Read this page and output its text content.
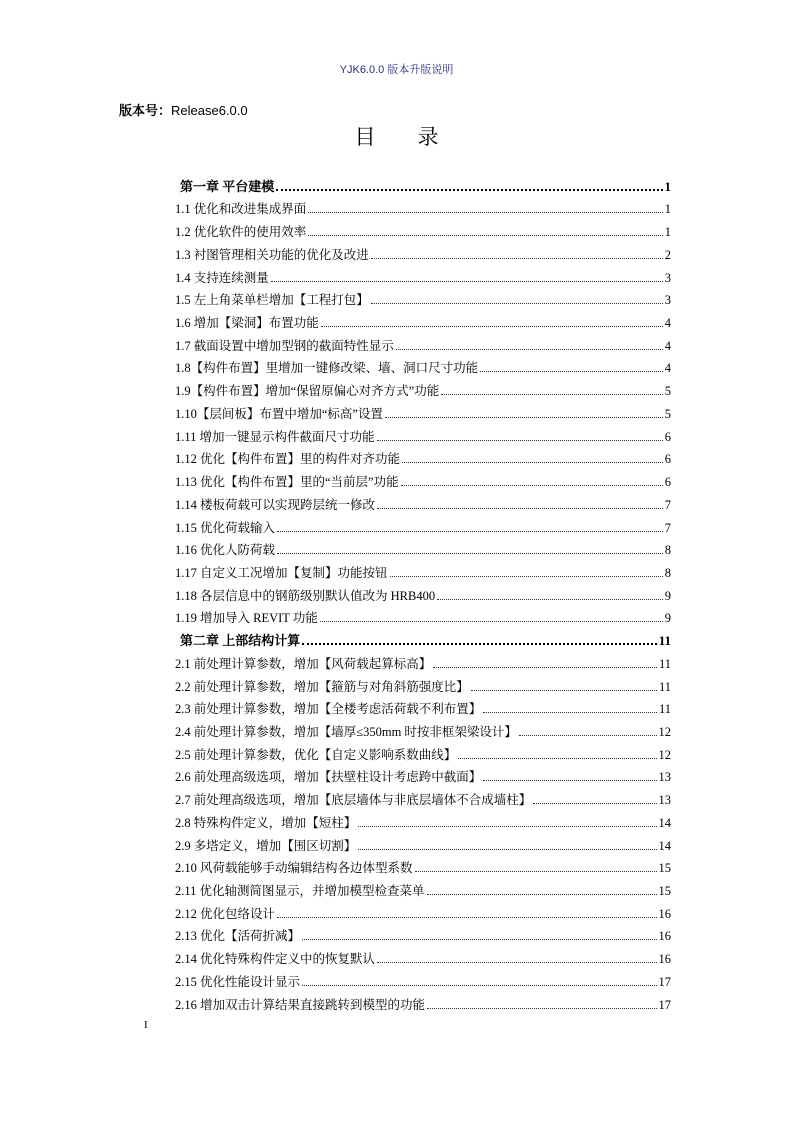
YJK6.0.0 版本升版说明
版本号：Release6.0.0
目　　录
第一章 平台建模	1
1.1 优化和改进集成界面	1
1.2 优化软件的使用效率	1
1.3 衬图管理相关功能的优化及改进	2
1.4 支持连续测量	3
1.5 左上角菜单栏增加【工程打包】	3
1.6 增加【梁洞】布置功能	4
1.7 截面设置中增加型钢的截面特性显示	4
1.8【构件布置】里增加一键修改梁、墙、洞口尺寸功能	4
1.9【构件布置】增加“保留原偏心对齐方式”功能	5
1.10【层间板】布置中增加“标高”设置	5
1.11 增加一键显示构件截面尺寸功能	6
1.12 优化【构件布置】里的构件对齐功能	6
1.13 优化【构件布置】里的“当前层”功能	6
1.14 楼板荷载可以实现跨层统一修改	7
1.15 优化荷载输入	7
1.16 优化人防荷载	8
1.17 自定义工况增加【复制】功能按钮	8
1.18 各层信息中的钢筋级别默认值改为 HRB400	9
1.19 增加导入 REVIT 功能	9
第二章 上部结构计算	11
2.1 前处理计算参数，增加【风荷载起算标高】	11
2.2 前处理计算参数，增加【箍筋与对角斜筋强度比】	11
2.3 前处理计算参数，增加【全楼考虑活荷载不利布置】	11
2.4 前处理计算参数，增加【墙厚≤350mm 时按非框架梁设计】	12
2.5 前处理计算参数，优化【自定义影响系数曲线】	12
2.6 前处理高级选项，增加【扶壁柱设计考虑跨中截面】	13
2.7 前处理高级选项，增加【底层墙体与非底层墙体不合成墙柱】	13
2.8 特殊构件定义，增加【短柱】	14
2.9 多塔定义，增加【围区切割】	14
2.10 风荷载能够手动编辑结构各边体型系数	15
2.11 优化轴测简图显示，并增加模型检查菜单	15
2.12 优化包络设计	16
2.13 优化【活荷折减】	16
2.14 优化特殊构件定义中的恢复默认	16
2.15 优化性能设计显示	17
2.16 增加双击计算结果直接跳转到模型的功能	17
I
